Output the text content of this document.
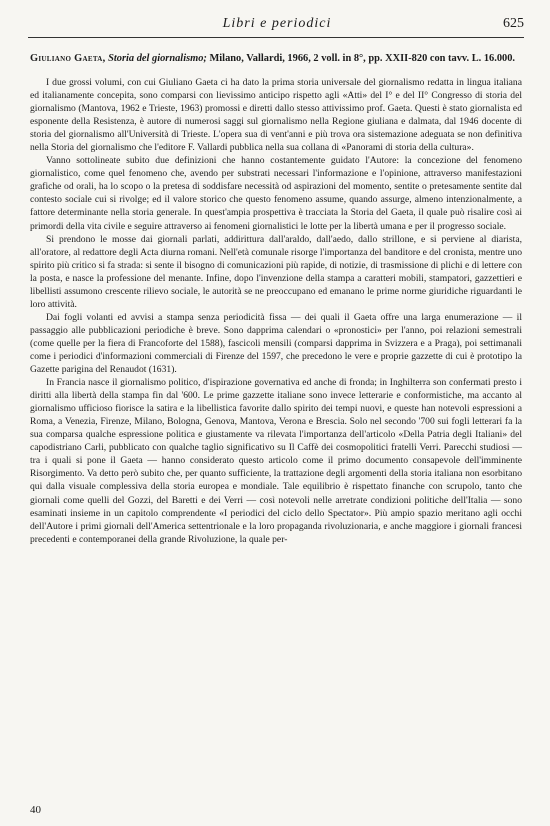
Libri e periodici	625

Giuliano Gaeta, Storia del giornalismo; Milano, Vallardi, 1966, 2 voll. in 8°, pp. XXII-820 con tavv. L. 16.000.

I due grossi volumi, con cui Giuliano Gaeta ci ha dato la prima storia universale del giornalismo redatta in lingua italiana ed italianamente concepita, sono comparsi con lievissimo anticipo rispetto agli «Atti» del I° e del II° Congresso di storia del giornalismo (Mantova, 1962 e Trieste, 1963) promossi e diretti dallo stesso attivissimo prof. Gaeta. Questi è stato giornalista ed esponente della Resistenza, è autore di numerosi saggi sul giornalismo nella Regione giuliana e dalmata, dal 1946 docente di storia del giornalismo all'Università di Trieste. L'opera sua di vent'anni e più trova ora sistemazione adeguata se non definitiva nella Storia del giornalismo che l'editore F. Vallardi pubblica nella sua collana di «Panorami di storia della cultura».

Vanno sottolineate subito due definizioni che hanno costantemente guidato l'Autore: la concezione del fenomeno giornalistico, come quel fenomeno che, avendo per substrati necessari l'informazione e l'opinione, attraverso manifestazioni grafiche od orali, ha lo scopo o la pretesa di soddisfare necessità od aspirazioni del momento, sentite o pretesamente sentite dal contesto sociale cui si rivolge; ed il valore storico che questo fenomeno assume, quando assurge, almeno intenzionalmente, a fattore determinante nella storia generale. In quest'ampia prospettiva è tracciata la Storia del Gaeta, il quale può risalire così ai primordi della vita civile e seguire attraverso ai fenomeni giornalistici le lotte per la libertà umana e per il progresso sociale.

Si prendono le mosse dai giornali parlati, addirittura dall'araldo, dall'aedo, dallo strillone, e si perviene al diarista, all'oratore, al redattore degli Acta diurna romani. Nell'età comunale risorge l'importanza del banditore e del cronista, mentre uno spirito più critico si fa strada: si sente il bisogno di comunicazioni più rapide, di notizie, di trasmissione di plichi e di lettere con la posta, e nasce la professione del menante. Infine, dopo l'invenzione della stampa a caratteri mobili, stampatori, gazzettieri e libellisti assumono crescente rilievo sociale, le autorità se ne preoccupano ed emanano le prime norme giuridiche riguardanti le loro attività.

Dai fogli volanti ed avvisi a stampa senza periodicità fissa — dei quali il Gaeta offre una larga enumerazione — il passaggio alle pubblicazioni periodiche è breve. Sono dapprima calendari o «pronostici» per l'anno, poi relazioni semestrali (come quelle per la fiera di Francoforte del 1588), fascicoli mensili (comparsi dapprima in Svizzera e a Praga), poi settimanali come i periodici d'informazioni commerciali di Firenze del 1597, che precedono le vere e proprie gazzette di cui è prototipo la Gazette parigina del Renaudot (1631).

In Francia nasce il giornalismo politico, d'ispirazione governativa ed anche di fronda; in Inghilterra son confermati presto i diritti alla libertà della stampa fin dal '600. Le prime gazzette italiane sono invece letterarie e conformistiche, ma accanto al giornalismo ufficioso fiorisce la satira e la libellistica favorite dallo spirito dei tempi nuovi, e queste han notevoli espressioni a Roma, a Venezia, Firenze, Milano, Bologna, Genova, Mantova, Verona e Brescia. Solo nel secondo '700 sui fogli letterari fa la sua comparsa qualche espressione politica e giustamente va rilevata l'importanza dell'articolo «Della Patria degli Italiani» del capodistriano Carli, pubblicato con qualche taglio significativo su Il Caffè dei cosmopolitici fratelli Verri. Parecchi studiosi — tra i quali si pone il Gaeta — hanno considerato questo articolo come il primo documento consapevole dell'imminente Risorgimento. Va detto però subito che, per quanto sufficiente, la trattazione degli argomenti della storia italiana non esorbitano qui dalla visuale complessiva della storia europea e mondiale. Tale equilibrio è rispettato finanche con scrupolo, tanto che giornali come quelli del Gozzi, del Baretti e dei Verri — così notevoli nelle arretrate condizioni politiche dell'Italia — sono esaminati insieme in un capitolo comprendente «I periodici del ciclo dello Spectator». Più ampio spazio meritano agli occhi dell'Autore i primi giornali dell'America settentrionale e la loro propaganda rivoluzionaria, e anche maggiore i giornali francesi precedenti e contemporanei della grande Rivoluzione, la quale per-

40
